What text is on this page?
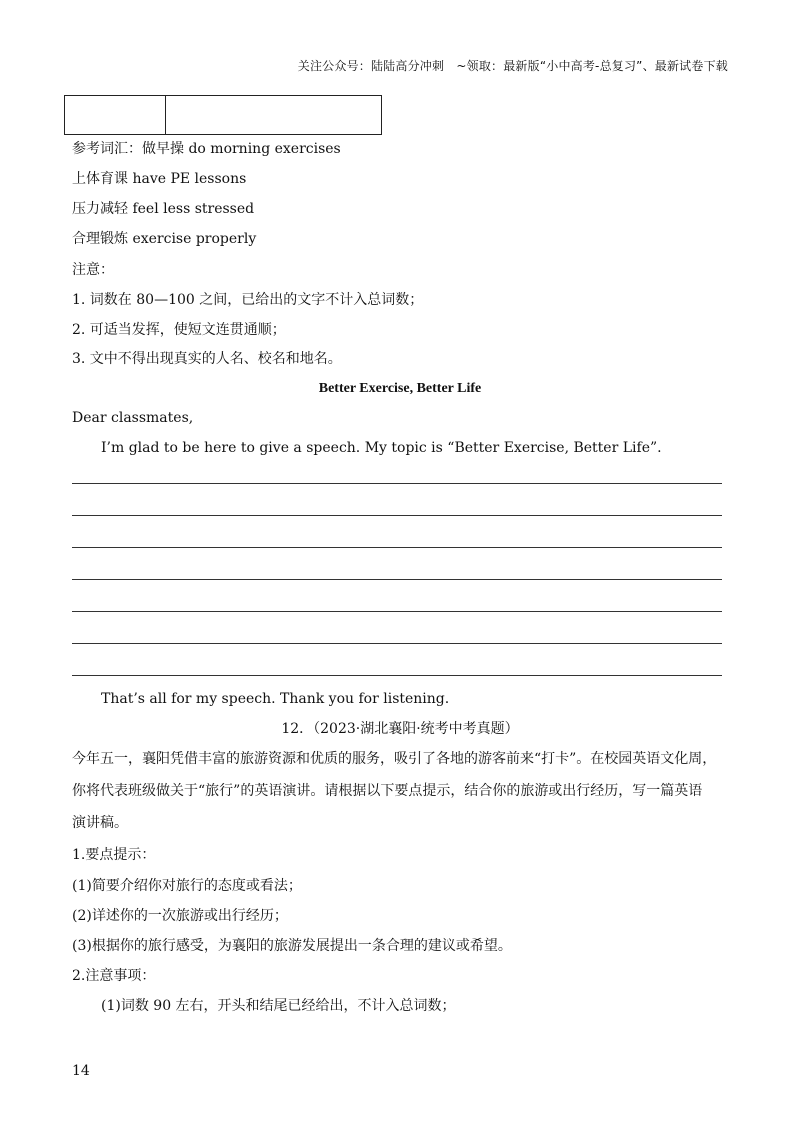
关注公众号：陆陆高分冲刺　~领取：最新版“小中高考-总复习”、最新试卷下载
参考词汇：做早操 do morning exercises
上体育课 have PE lessons
压力减轻 feel less stressed
合理锻炼 exercise properly
注意：
1. 词数在 80—100 之间，已给出的文字不计入总词数；
2. 可适当发挥，使短文连贯通顺；
3. 文中不得出现真实的人名、校名和地名。
Better Exercise, Better Life
Dear classmates,
I’m glad to be here to give a speech. My topic is “Better Exercise, Better Life”.
That’s all for my speech. Thank you for listening.
12．（2023·湖北襄阳·统考中考真题）
今年五一，襄阳凭借丰富的旅游资源和优质的服务，吸引了各地的游客前来“打卡”。在校园英语文化周，
你将代表班级做关于“旅行”的英语演讲。请根据以下要点提示，结合你的旅游或出行经历，写一篇英语
演讲稿。
1.要点提示：
(1)简要介绍你对旅行的态度或看法；
(2)详述你的一次旅游或出行经历；
(3)根据你的旅行感受，为襄阳的旅游发展提出一条合理的建议或希望。
2.注意事项：
(1)词数 90 左右，开头和结尾已经给出，不计入总词数；
14
